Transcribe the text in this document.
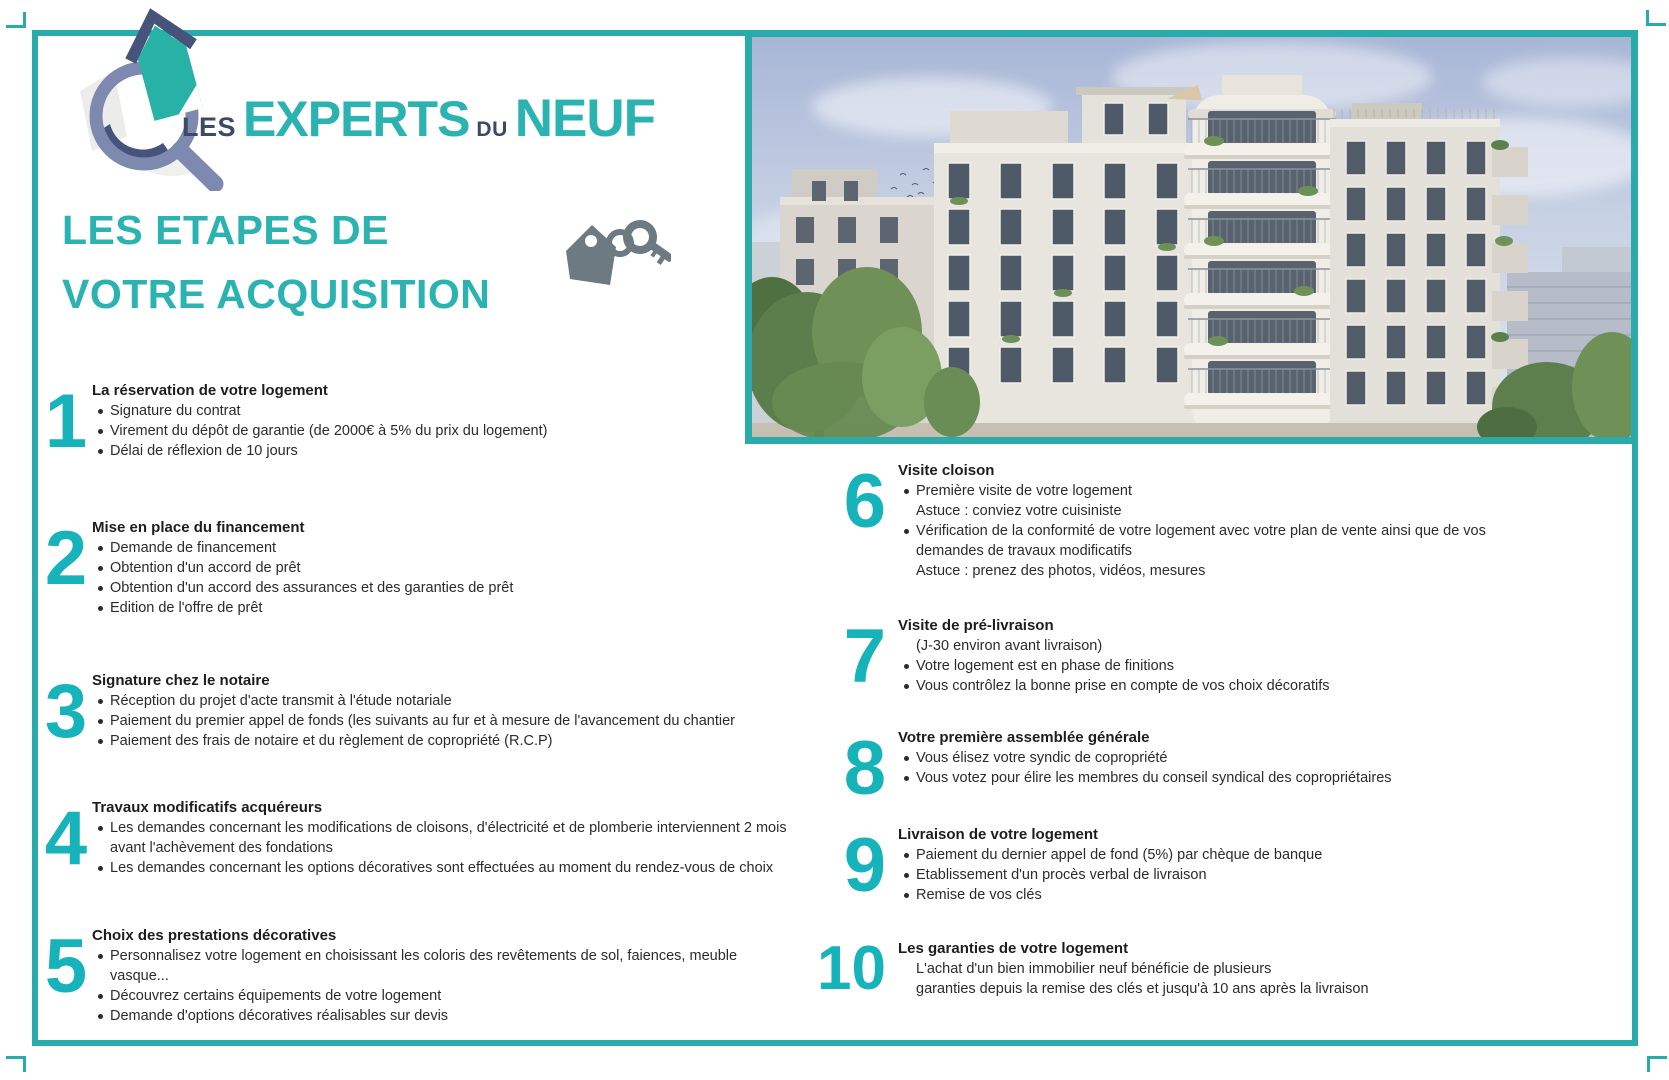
LES EXPERTS DU NEUF
LES ETAPES DE
VOTRE ACQUISITION
1 La réservation de votre logement
Signature du contrat
Virement du dépôt de garantie (de 2000€ à 5% du prix du logement)
Délai de réflexion de 10 jours
2 Mise en place du financement
Demande de financement
Obtention d'un accord de prêt
Obtention d'un accord des assurances et des garanties de prêt
Edition de l'offre de prêt
3 Signature chez le notaire
Réception du projet d'acte transmit à l'étude notariale
Paiement du premier appel de fonds (les suivants au fur et à mesure de l'avancement du chantier
Paiement des frais de notaire et du règlement de copropriété (R.C.P)
4 Travaux modificatifs acquéreurs
Les demandes concernant les modifications de cloisons, d'électricité et de plomberie interviennent 2 mois avant l'achèvement des fondations
Les demandes concernant les options décoratives sont effectuées au moment du rendez-vous de choix
5 Choix des prestations décoratives
Personnalisez votre logement en choisissant les coloris des revêtements de sol, faiences, meuble vasque...
Découvrez certains équipements de votre logement
Demande d'options décoratives réalisables sur devis
6 Visite cloison
Première visite de votre logement
Astuce : conviez votre cuisiniste
Vérification de la conformité de votre logement avec votre plan de vente ainsi que de vos demandes de travaux modificatifs
Astuce : prenez des photos, vidéos, mesures
7 Visite de pré-livraison
(J-30 environ avant livraison)
Votre logement est en phase de finitions
Vous contrôlez la bonne prise en compte de vos choix décoratifs
8 Votre première assemblée générale
Vous élisez votre syndic de copropriété
Vous votez pour élire les membres du conseil syndical des copropriétaires
9 Livraison de votre logement
Paiement du dernier appel de fond (5%) par chèque de banque
Etablissement d'un procès verbal de livraison
Remise de vos clés
10 Les garanties de votre logement
L'achat d'un bien immobilier neuf bénéficie de plusieurs
garanties depuis la remise des clés et jusqu'à 10 ans après la livraison
